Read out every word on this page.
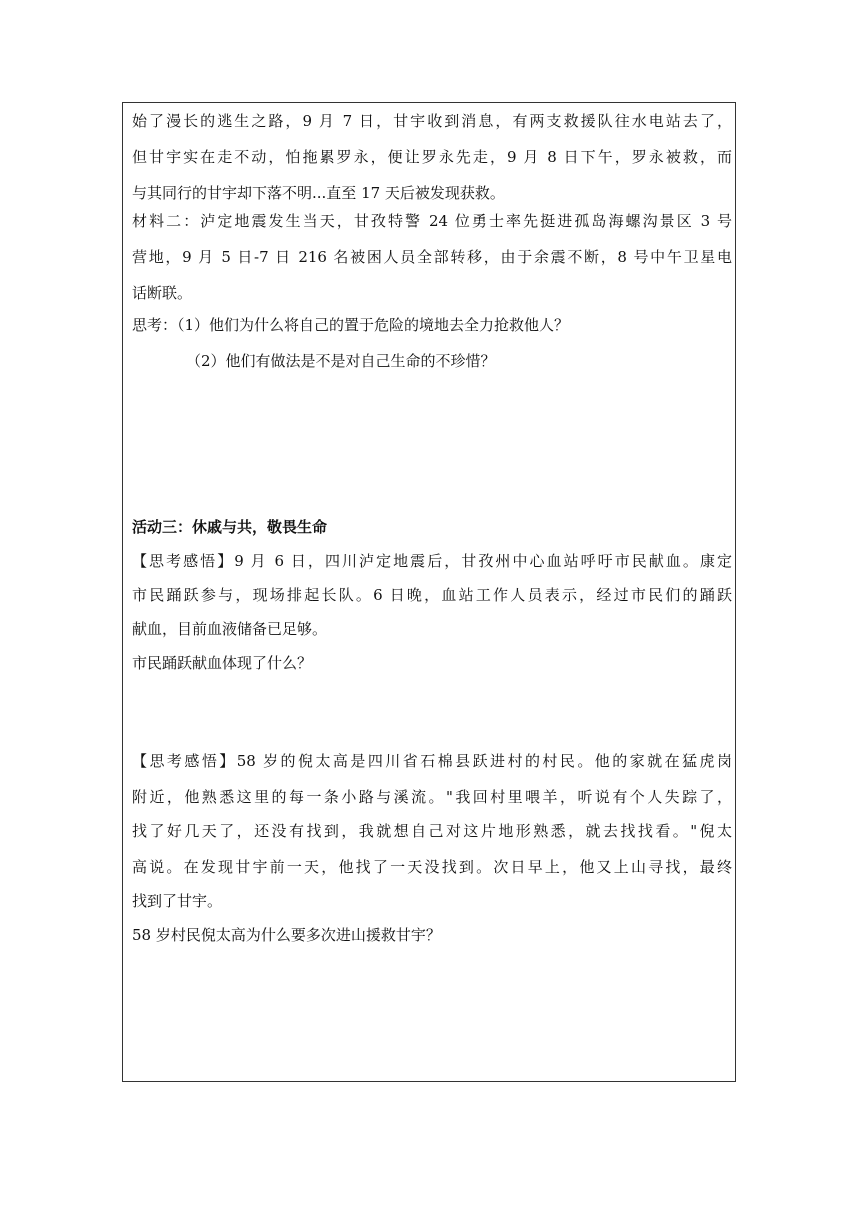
始了漫长的逃生之路，9 月 7 日，甘宇收到消息，有两支救援队往水电站去了，
但甘宇实在走不动，怕拖累罗永，便让罗永先走，9 月 8 日下午，罗永被救，而
与其同行的甘宇却下落不明...直至 17 天后被发现获救。
材料二：泸定地震发生当天，甘孜特警 24 位勇士率先挺进孤岛海螺沟景区 3 号
营地，9 月 5 日-7 日 216 名被困人员全部转移，由于余震不断，8 号中午卫星电
话断联。
思考：（1）他们为什么将自己的置于危险的境地去全力抢救他人？
（2）他们有做法是不是对自己生命的不珍惜？
活动三：休戚与共，敬畏生命
【思考感悟】9 月 6 日，四川泸定地震后，甘孜州中心血站呼吁市民献血。康定
市民踊跃参与，现场排起长队。6 日晚，血站工作人员表示，经过市民们的踊跃
献血，目前血液储备已足够。
市民踊跃献血体现了什么？
【思考感悟】58 岁的倪太高是四川省石棉县跃进村的村民。他的家就在猛虎岗
附近，他熟悉这里的每一条小路与溪流。"我回村里喂羊，听说有个人失踪了，
找了好几天了，还没有找到，我就想自己对这片地形熟悉，就去找找看。"倪太
高说。在发现甘宇前一天，他找了一天没找到。次日早上，他又上山寻找，最终
找到了甘宇。
58 岁村民倪太高为什么要多次进山援救甘宇？
